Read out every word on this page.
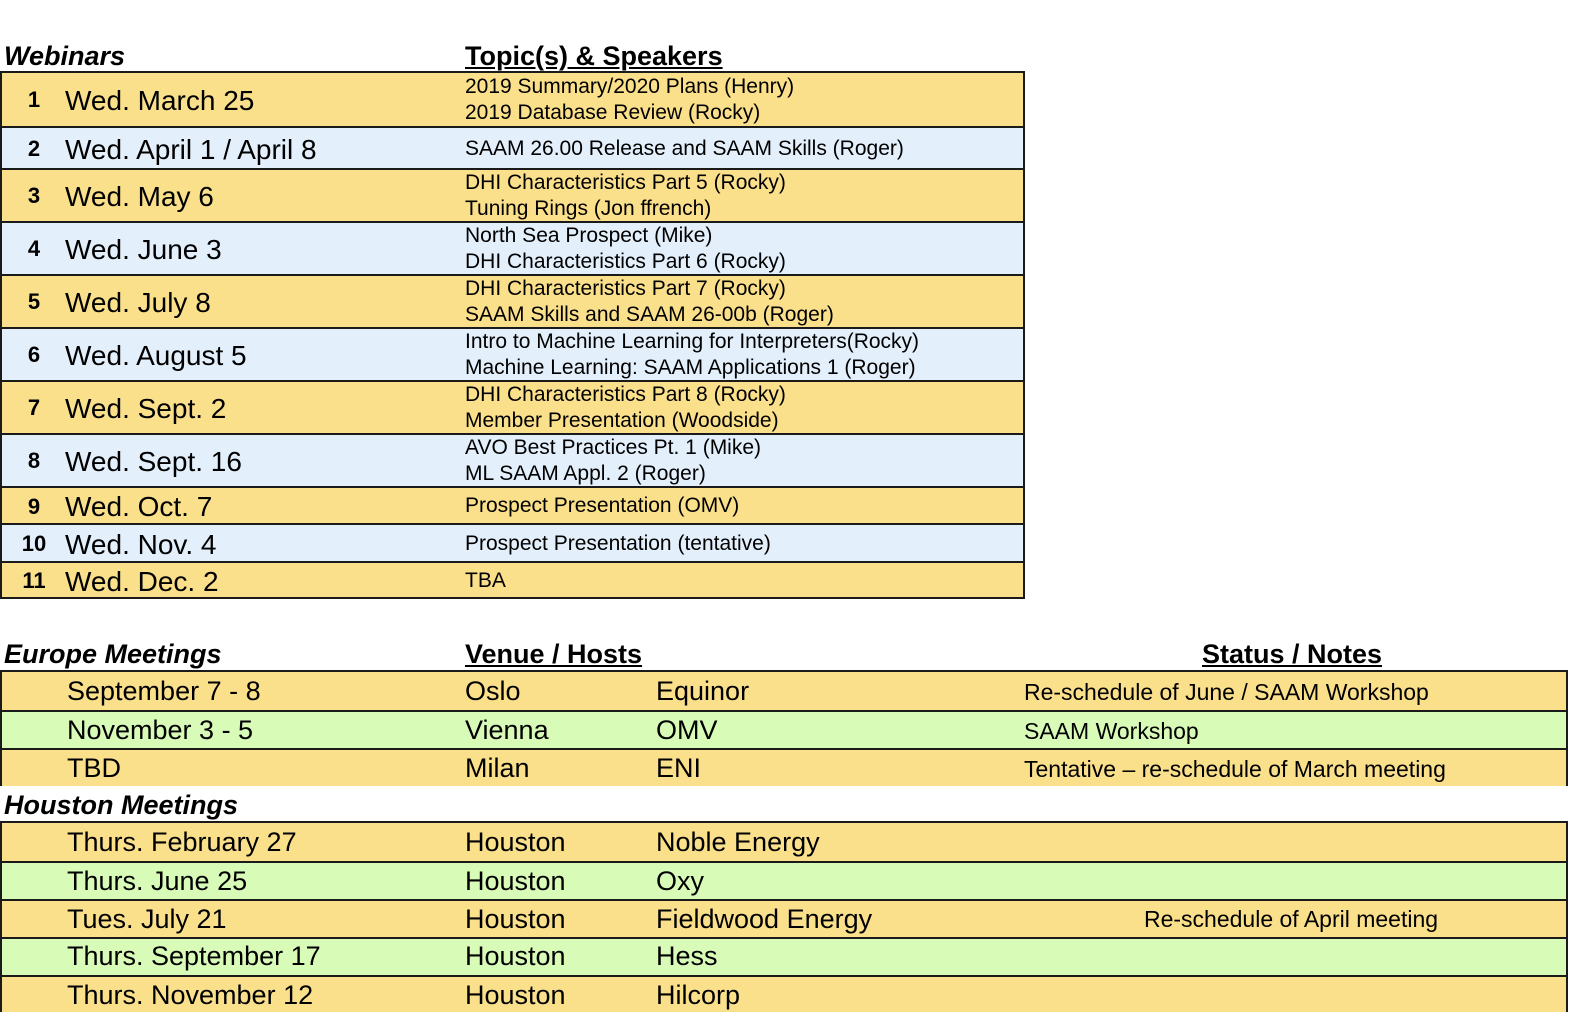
Webinars	Topic(s) & Speakers
1 Wed. March 25	2019 Summary/2020 Plans (Henry)
2019 Database Review (Rocky)
2 Wed. April 1 / April 8	SAAM 26.00 Release and SAAM Skills (Roger)
3 Wed. May 6	DHI Characteristics Part 5 (Rocky)
Tuning Rings (Jon ffrench)
4 Wed. June 3	North Sea Prospect (Mike)
DHI Characteristics Part 6 (Rocky)
5 Wed. July 8	DHI Characteristics Part 7 (Rocky)
SAAM Skills and SAAM 26-00b (Roger)
6 Wed. August 5	Intro to Machine Learning for Interpreters(Rocky)
Machine Learning: SAAM Applications 1 (Roger)
7 Wed. Sept. 2	DHI Characteristics Part 8 (Rocky)
Member Presentation (Woodside)
8 Wed. Sept. 16	AVO Best Practices Pt. 1 (Mike)
ML SAAM Appl. 2 (Roger)
9 Wed. Oct. 7	Prospect Presentation (OMV)
10 Wed. Nov. 4	Prospect Presentation (tentative)
11 Wed. Dec. 2	TBA
Europe Meetings	Venue / Hosts	Status / Notes
September 7 - 8	Oslo	Equinor	Re-schedule of June / SAAM Workshop
November 3 - 5	Vienna	OMV	SAAM Workshop
TBD	Milan	ENI	Tentative – re-schedule of March meeting
Houston Meetings
Thurs. February 27	Houston	Noble Energy
Thurs. June 25	Houston	Oxy
Tues. July 21	Houston	Fieldwood Energy	Re-schedule of April meeting
Thurs. September 17	Houston	Hess
Thurs. November 12	Houston	Hilcorp
